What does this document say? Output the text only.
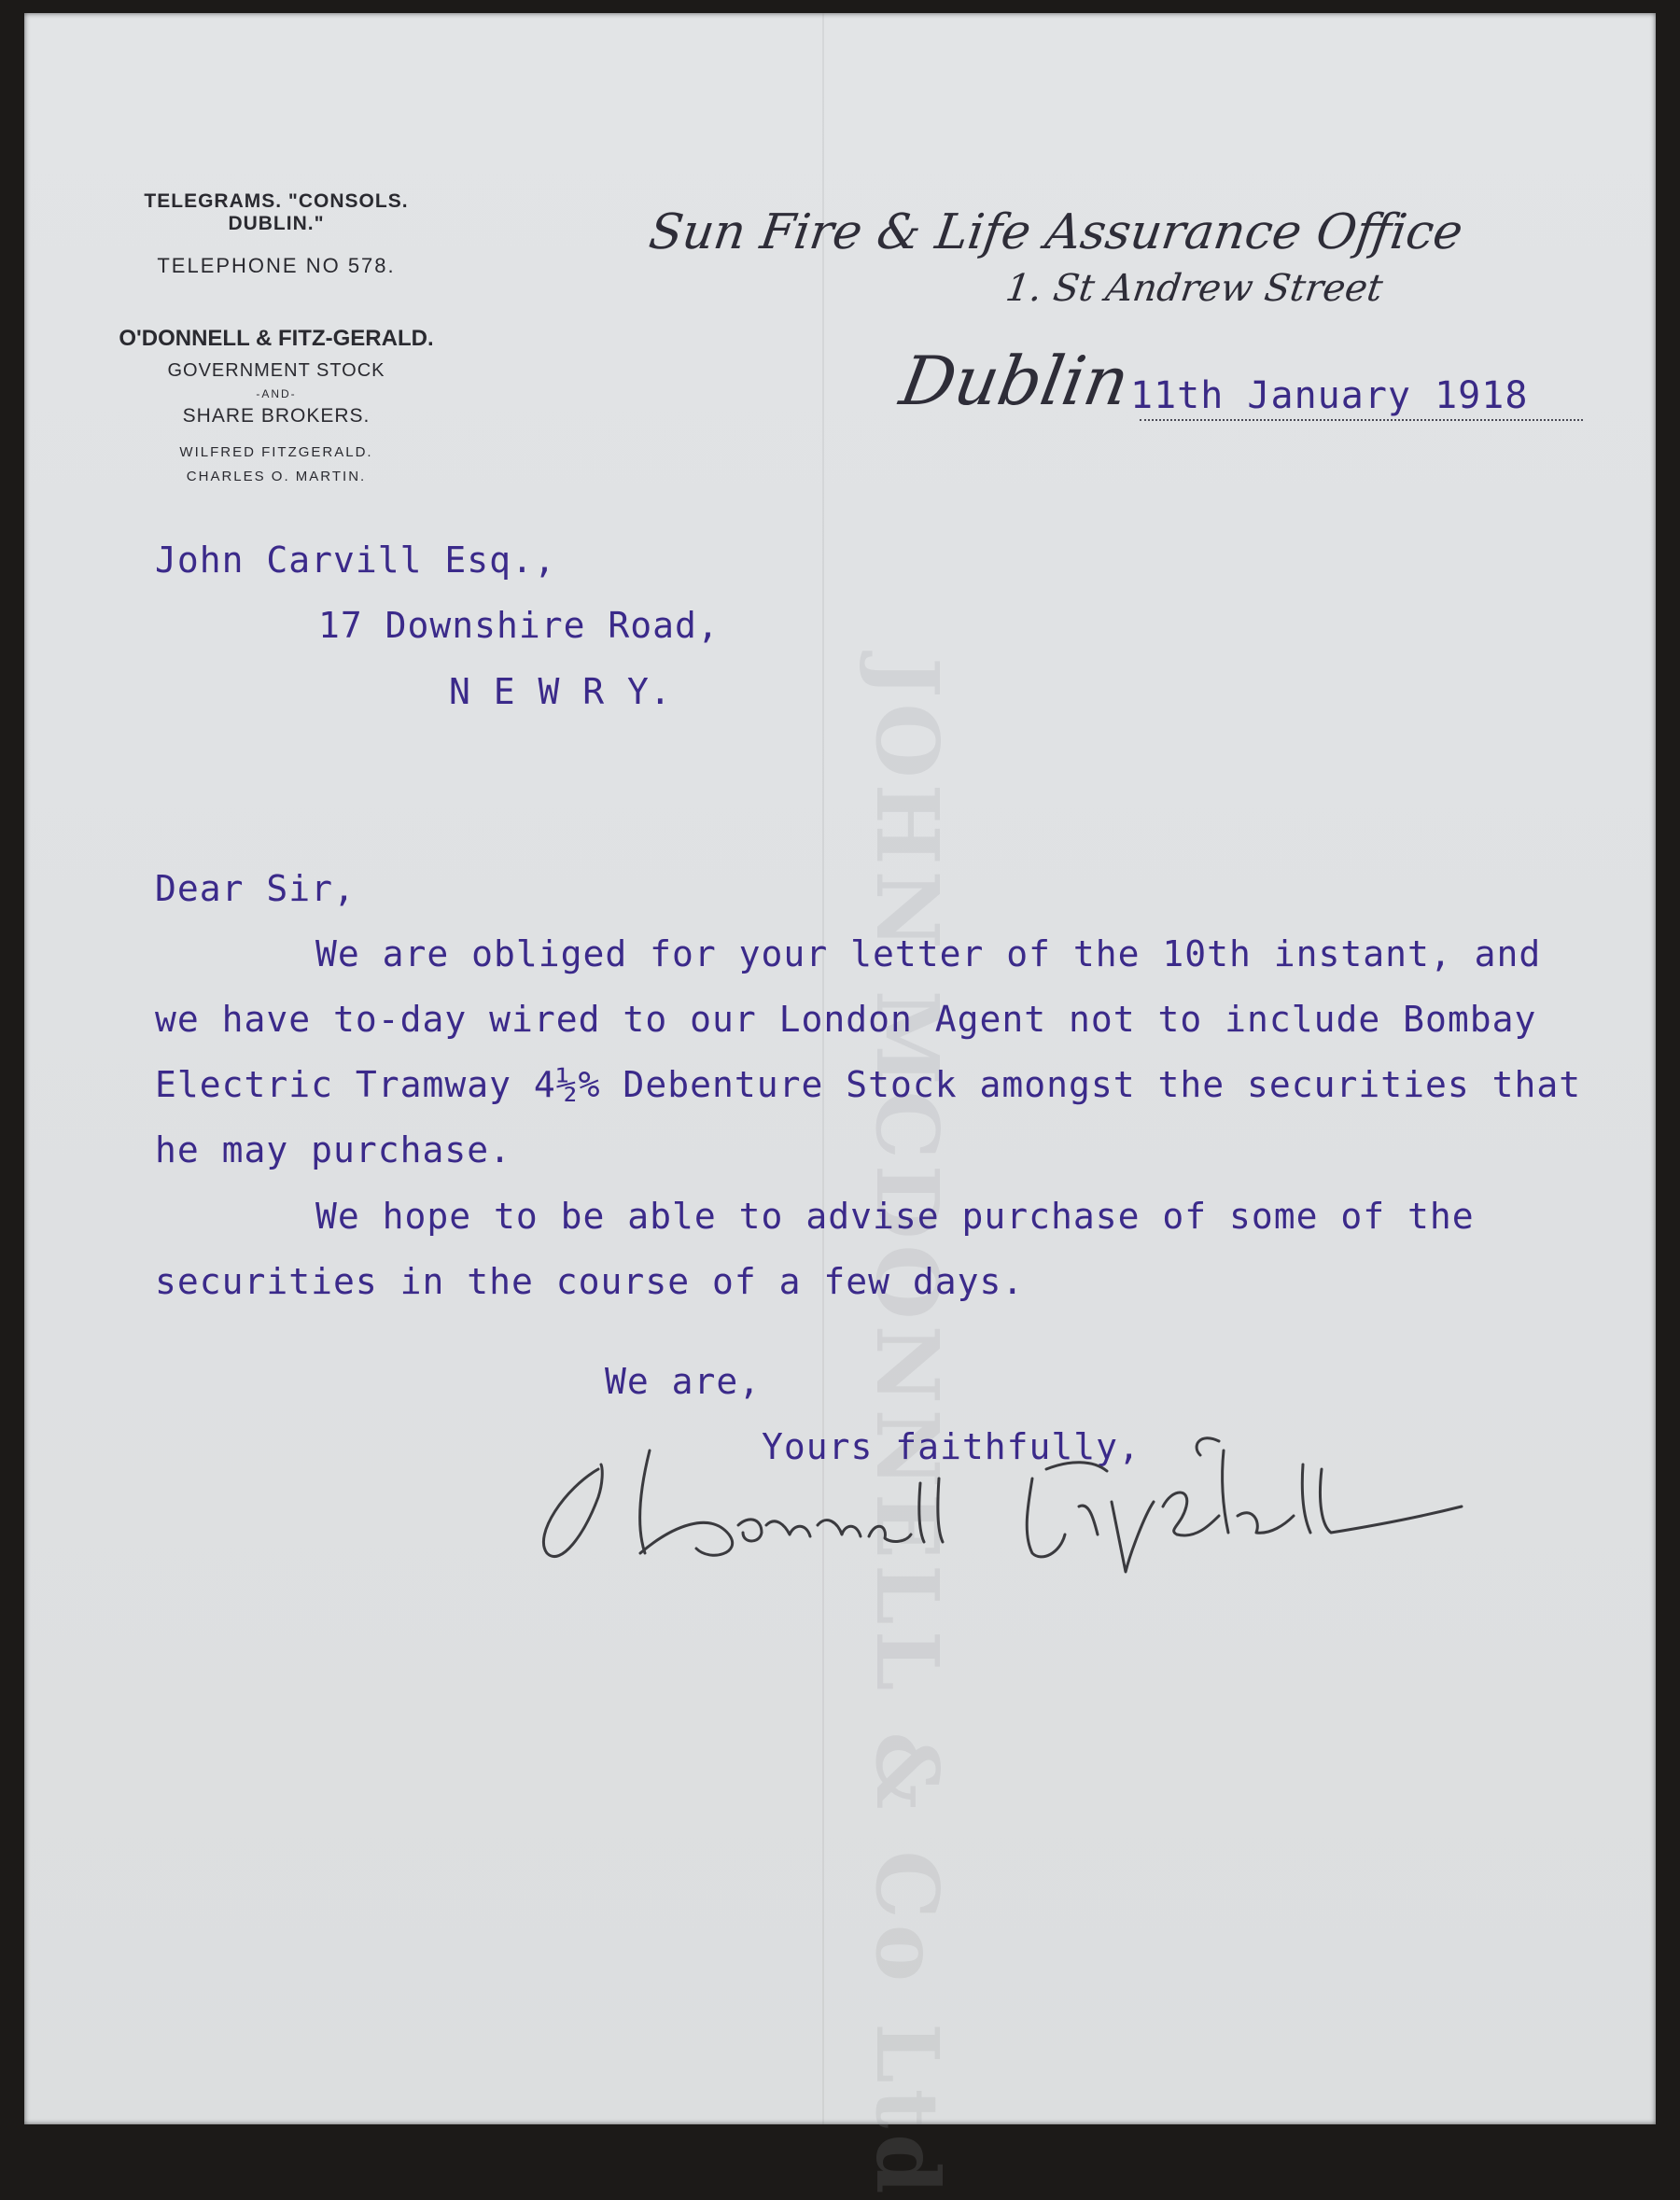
JOHN MCDONNELL & Co Ltd
TELEGRAMS. "CONSOLS. DUBLIN."
TELEPHONE NO 578.
O'DONNELL & FITZ-GERALD.
GOVERNMENT STOCK
-AND-
SHARE BROKERS.
WILFRED FITZGERALD.
CHARLES O. MARTIN.
Sun Fire & Life Assurance Office
1. St Andrew Street
Dublin
11th January 1918
John Carvill Esq.,
17 Downshire Road,
N E W R Y.
Dear Sir,
We are obliged for your letter of the 10th instant, and
we have to-day wired to our London Agent not to include Bombay
Electric Tramway 4½% Debenture Stock amongst the securities that
he may purchase.
We hope to be able to advise purchase of some of the
securities in the course of a few days.
We are,
Yours faithfully,
